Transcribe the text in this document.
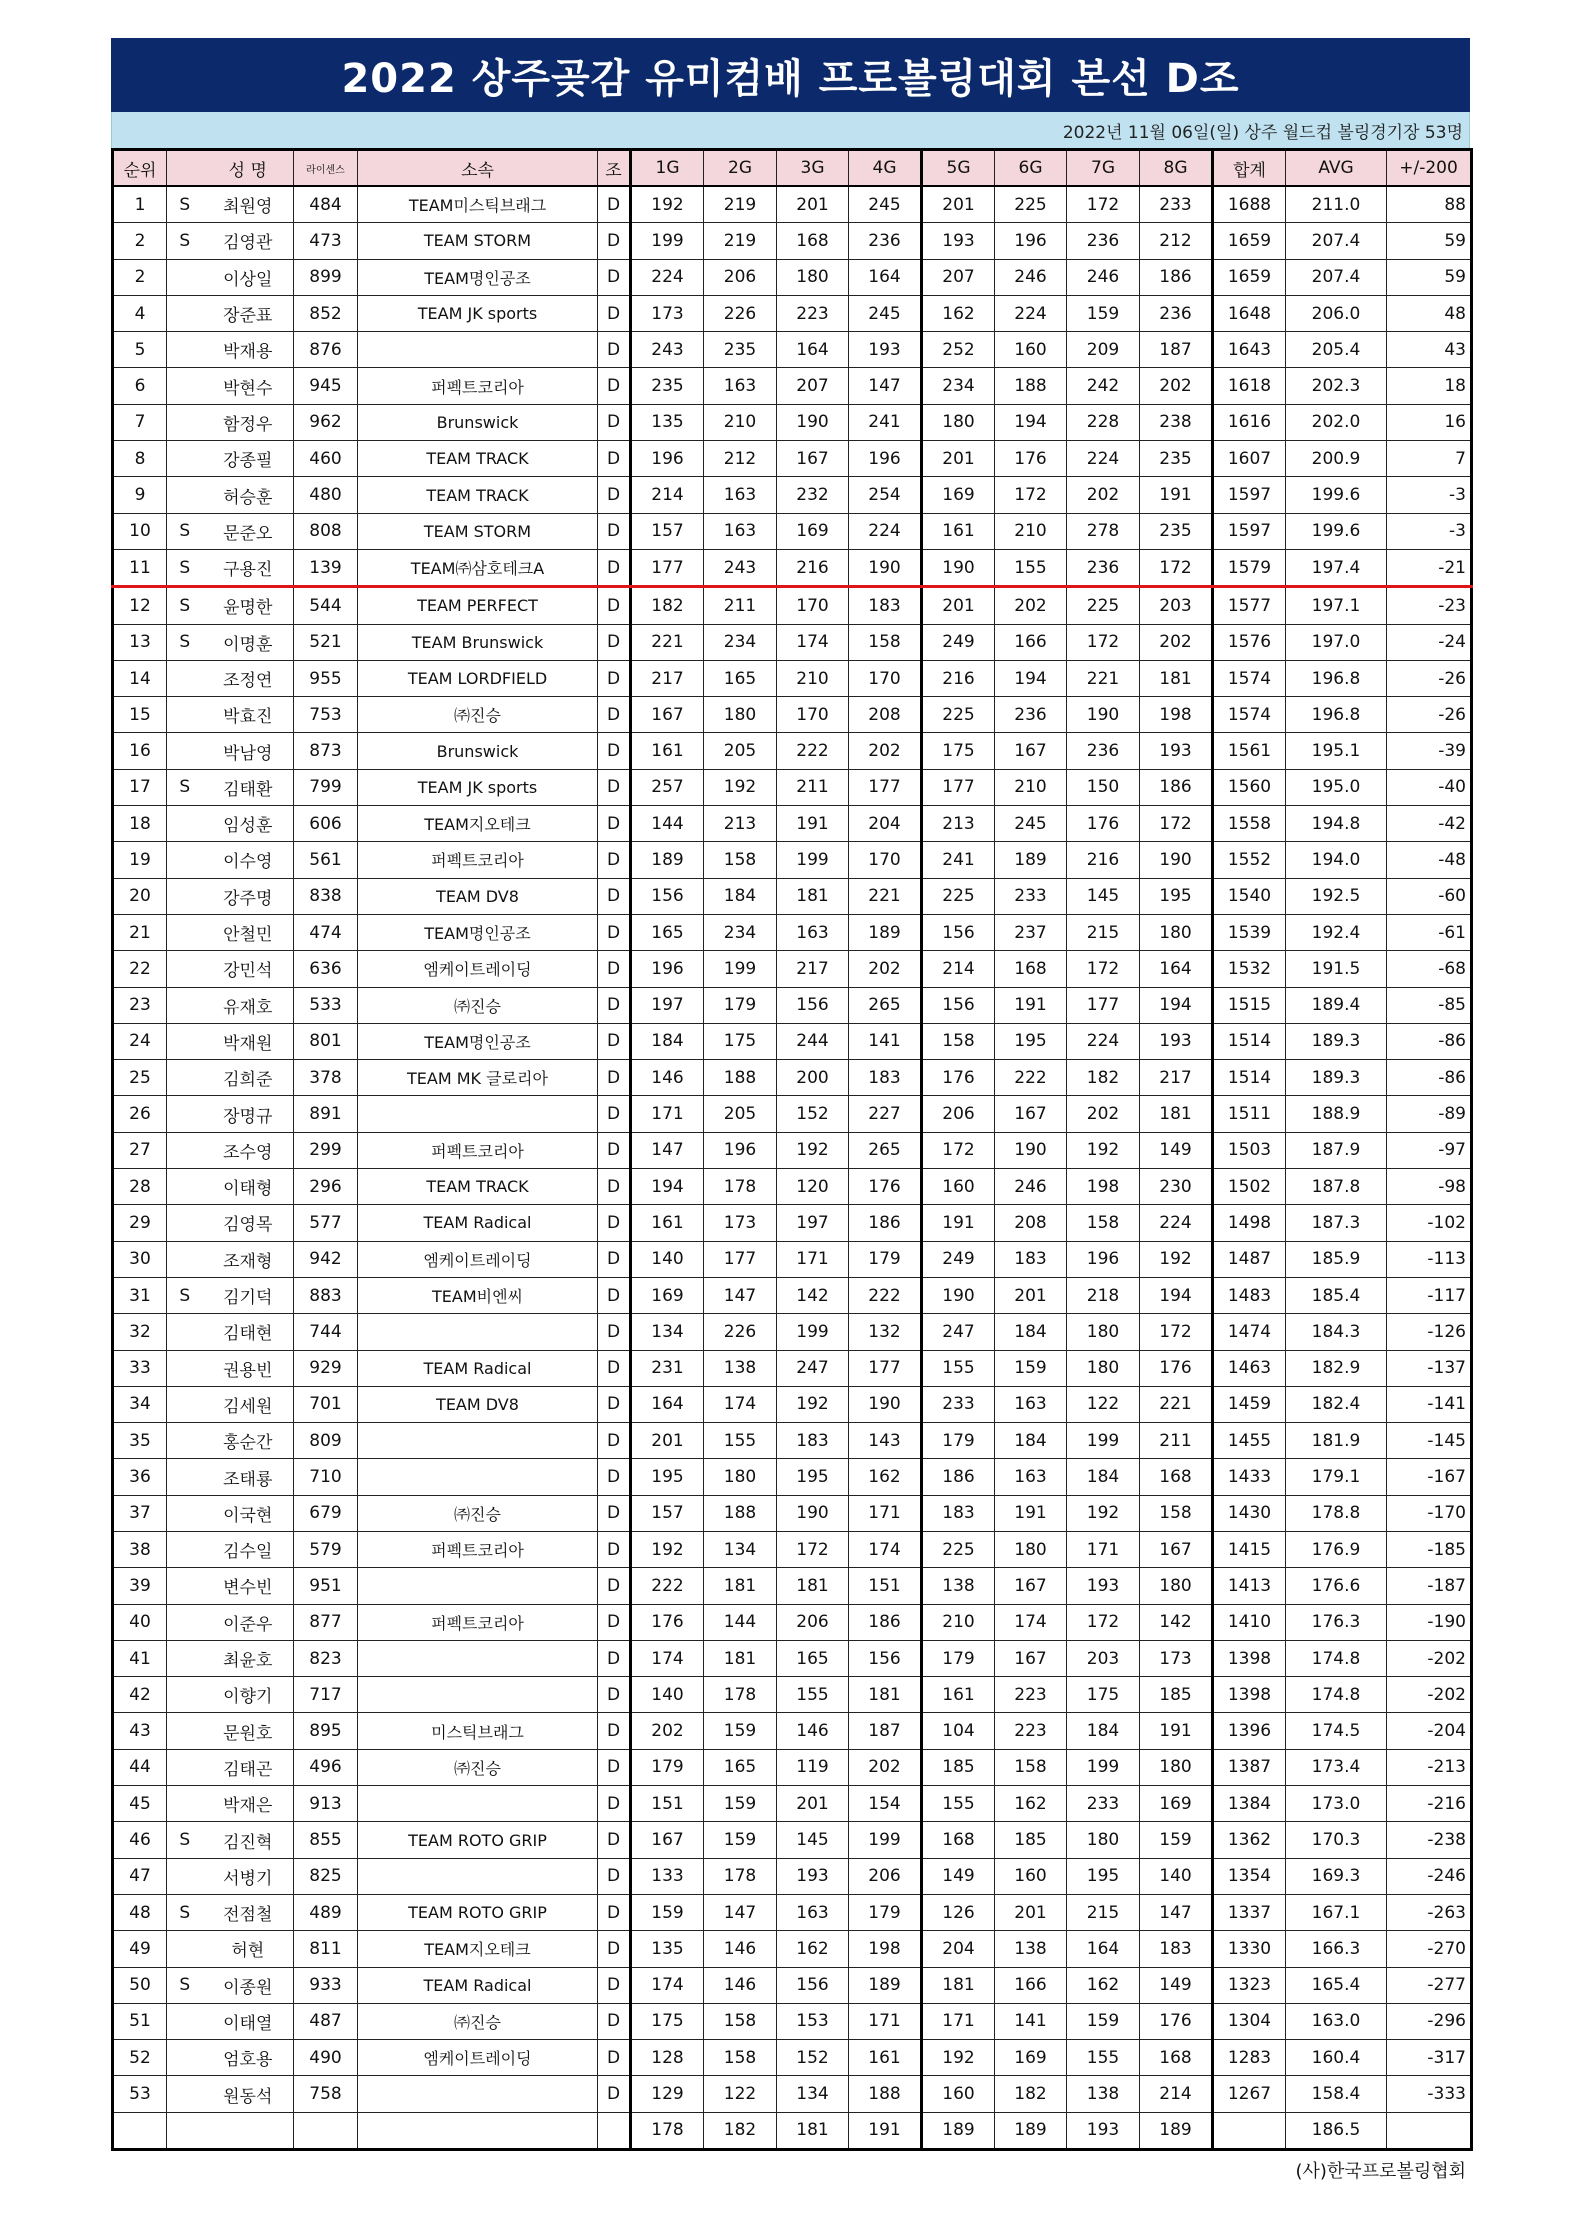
2022 상주곶감 유미컴배 프로볼링대회 본선 D조
2022년 11월 06일(일) 상주 월드컵 볼링경기장 53명
순위		성 명	라이센스	소속	조	1G	2G	3G	4G	5G	6G	7G	8G	합계	AVG	+/-200
1	S	최원영	484	TEAM미스틱브래그	D	192	219	201	245	201	225	172	233	1688	211.0	88
2	S	김영관	473	TEAM STORM	D	199	219	168	236	193	196	236	212	1659	207.4	59
2		이상일	899	TEAM명인공조	D	224	206	180	164	207	246	246	186	1659	207.4	59
4		장준표	852	TEAM JK sports	D	173	226	223	245	162	224	159	236	1648	206.0	48
5		박재용	876		D	243	235	164	193	252	160	209	187	1643	205.4	43
6		박현수	945	퍼펙트코리아	D	235	163	207	147	234	188	242	202	1618	202.3	18
7		함정우	962	Brunswick	D	135	210	190	241	180	194	228	238	1616	202.0	16
8		강종필	460	TEAM TRACK	D	196	212	167	196	201	176	224	235	1607	200.9	7
9		허승훈	480	TEAM TRACK	D	214	163	232	254	169	172	202	191	1597	199.6	-3
10	S	문준오	808	TEAM STORM	D	157	163	169	224	161	210	278	235	1597	199.6	-3
11	S	구용진	139	TEAM㈜삼호테크A	D	177	243	216	190	190	155	236	172	1579	197.4	-21
12	S	윤명한	544	TEAM PERFECT	D	182	211	170	183	201	202	225	203	1577	197.1	-23
13	S	이명훈	521	TEAM Brunswick	D	221	234	174	158	249	166	172	202	1576	197.0	-24
14		조정연	955	TEAM LORDFIELD	D	217	165	210	170	216	194	221	181	1574	196.8	-26
15		박효진	753	㈜진승	D	167	180	170	208	225	236	190	198	1574	196.8	-26
16		박남영	873	Brunswick	D	161	205	222	202	175	167	236	193	1561	195.1	-39
17	S	김태환	799	TEAM JK sports	D	257	192	211	177	177	210	150	186	1560	195.0	-40
18		임성훈	606	TEAM지오테크	D	144	213	191	204	213	245	176	172	1558	194.8	-42
19		이수영	561	퍼펙트코리아	D	189	158	199	170	241	189	216	190	1552	194.0	-48
20		강주명	838	TEAM DV8	D	156	184	181	221	225	233	145	195	1540	192.5	-60
21		안철민	474	TEAM명인공조	D	165	234	163	189	156	237	215	180	1539	192.4	-61
22		강민석	636	엠케이트레이딩	D	196	199	217	202	214	168	172	164	1532	191.5	-68
23		유재호	533	㈜진승	D	197	179	156	265	156	191	177	194	1515	189.4	-85
24		박재원	801	TEAM명인공조	D	184	175	244	141	158	195	224	193	1514	189.3	-86
25		김희준	378	TEAM MK 글로리아	D	146	188	200	183	176	222	182	217	1514	189.3	-86
26		장명규	891		D	171	205	152	227	206	167	202	181	1511	188.9	-89
27		조수영	299	퍼펙트코리아	D	147	196	192	265	172	190	192	149	1503	187.9	-97
28		이태형	296	TEAM TRACK	D	194	178	120	176	160	246	198	230	1502	187.8	-98
29		김영목	577	TEAM Radical	D	161	173	197	186	191	208	158	224	1498	187.3	-102
30		조재형	942	엠케이트레이딩	D	140	177	171	179	249	183	196	192	1487	185.9	-113
31	S	김기덕	883	TEAM비엔씨	D	169	147	142	222	190	201	218	194	1483	185.4	-117
32		김태현	744		D	134	226	199	132	247	184	180	172	1474	184.3	-126
33		권용빈	929	TEAM Radical	D	231	138	247	177	155	159	180	176	1463	182.9	-137
34		김세원	701	TEAM DV8	D	164	174	192	190	233	163	122	221	1459	182.4	-141
35		홍순간	809		D	201	155	183	143	179	184	199	211	1455	181.9	-145
36		조태룡	710		D	195	180	195	162	186	163	184	168	1433	179.1	-167
37		이국현	679	㈜진승	D	157	188	190	171	183	191	192	158	1430	178.8	-170
38		김수일	579	퍼펙트코리아	D	192	134	172	174	225	180	171	167	1415	176.9	-185
39		변수빈	951		D	222	181	181	151	138	167	193	180	1413	176.6	-187
40		이준우	877	퍼펙트코리아	D	176	144	206	186	210	174	172	142	1410	176.3	-190
41		최윤호	823		D	174	181	165	156	179	167	203	173	1398	174.8	-202
42		이향기	717		D	140	178	155	181	161	223	175	185	1398	174.8	-202
43		문원호	895	미스틱브래그	D	202	159	146	187	104	223	184	191	1396	174.5	-204
44		김태곤	496	㈜진승	D	179	165	119	202	185	158	199	180	1387	173.4	-213
45		박재은	913		D	151	159	201	154	155	162	233	169	1384	173.0	-216
46	S	김진혁	855	TEAM ROTO GRIP	D	167	159	145	199	168	185	180	159	1362	170.3	-238
47		서병기	825		D	133	178	193	206	149	160	195	140	1354	169.3	-246
48	S	전점철	489	TEAM ROTO GRIP	D	159	147	163	179	126	201	215	147	1337	167.1	-263
49		허현	811	TEAM지오테크	D	135	146	162	198	204	138	164	183	1330	166.3	-270
50	S	이종원	933	TEAM Radical	D	174	146	156	189	181	166	162	149	1323	165.4	-277
51		이태열	487	㈜진승	D	175	158	153	171	171	141	159	176	1304	163.0	-296
52		엄호용	490	엠케이트레이딩	D	128	158	152	161	192	169	155	168	1283	160.4	-317
53		원동석	758		D	129	122	134	188	160	182	138	214	1267	158.4	-333
						178	182	181	191	189	189	193	189		186.5	
(사)한국프로볼링협회
